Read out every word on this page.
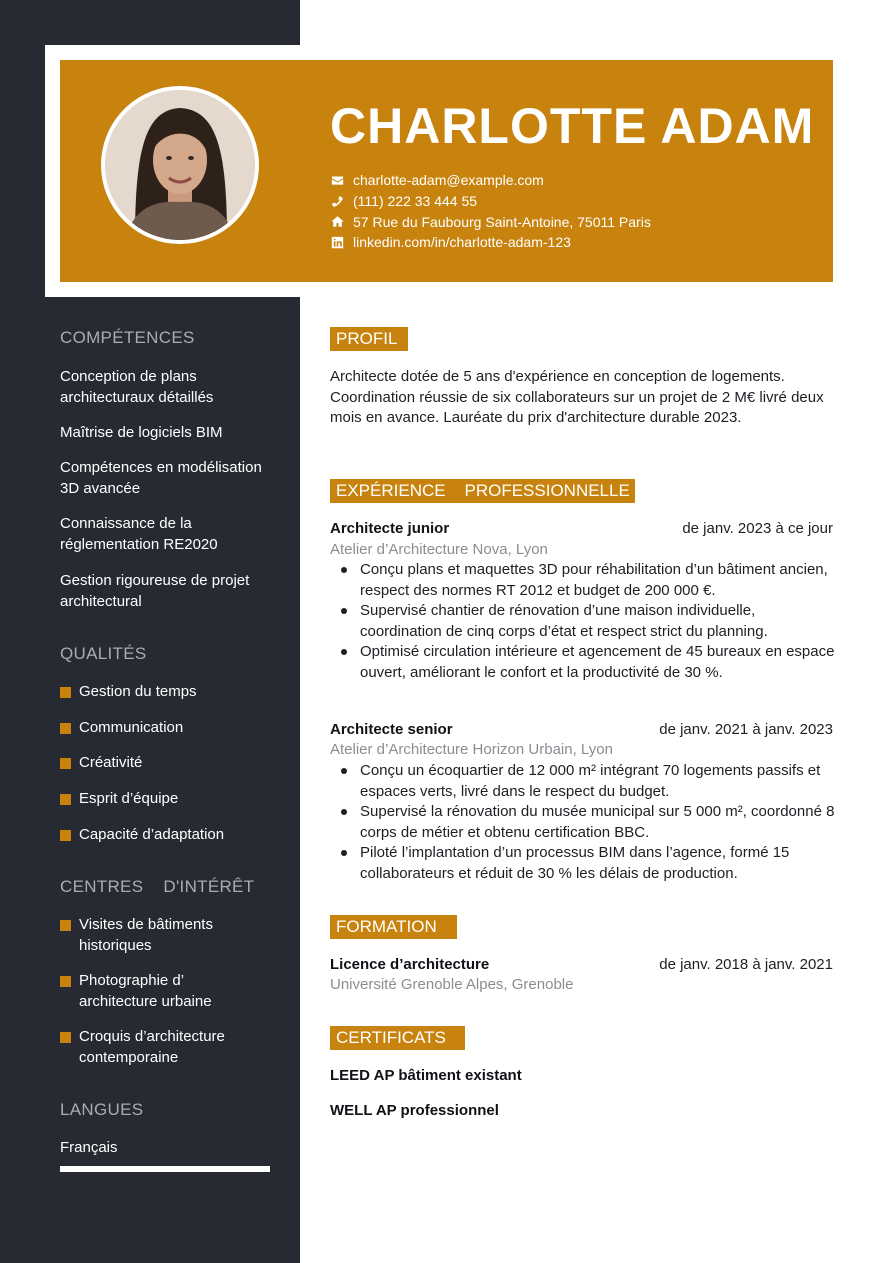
CHARLOTTE ADAM
charlotte-adam@example.com
(111) 222 33 444 55
57 Rue du Faubourg Saint-Antoine, 75011 Paris
linkedin.com/in/charlotte-adam-123
COMPÉTENCES
Conception de plans architecturaux détaillés
Maîtrise de logiciels BIM
Compétences en modélisation 3D avancée
Connaissance de la réglementation RE2020
Gestion rigoureuse de projet architectural
QUALITÉS
Gestion du temps
Communication
Créativité
Esprit d’équipe
Capacité d’adaptation
CENTRES    D'INTÉRÊT
Visites de bâtiments historiques
Photographie d’ architecture urbaine
Croquis d’architecture contemporaine
LANGUES
Français
PROFIL
Architecte dotée de 5 ans d'expérience en conception de logements. Coordination réussie de six collaborateurs sur un projet de 2 M€ livré deux mois en avance. Lauréate du prix d'architecture durable 2023.
EXPÉRIENCE    PROFESSIONNELLE
Architecte junior	de janv. 2023 à ce jour
Atelier d’Architecture Nova, Lyon
Conçu plans et maquettes 3D pour réhabilitation d’un bâtiment ancien, respect des normes RT 2012 et budget de 200 000 €.
Supervisé chantier de rénovation d’une maison individuelle, coordination de cinq corps d’état et respect strict du planning.
Optimisé circulation intérieure et agencement de 45 bureaux en espace ouvert, améliorant le confort et la productivité de 30 %.
Architecte senior	de janv. 2021 à janv. 2023
Atelier d’Architecture Horizon Urbain, Lyon
Conçu un écoquartier de 12 000 m² intégrant 70 logements passifs et espaces verts, livré dans le respect du budget.
Supervisé la rénovation du musée municipal sur 5 000 m², coordonné 8 corps de métier et obtenu certification BBC.
Piloté l’implantation d’un processus BIM dans l’agence, formé 15 collaborateurs et réduit de 30 % les délais de production.
FORMATION
Licence d’architecture	de janv. 2018 à janv. 2021
Université Grenoble Alpes, Grenoble
CERTIFICATS
LEED AP bâtiment existant
WELL AP professionnel
